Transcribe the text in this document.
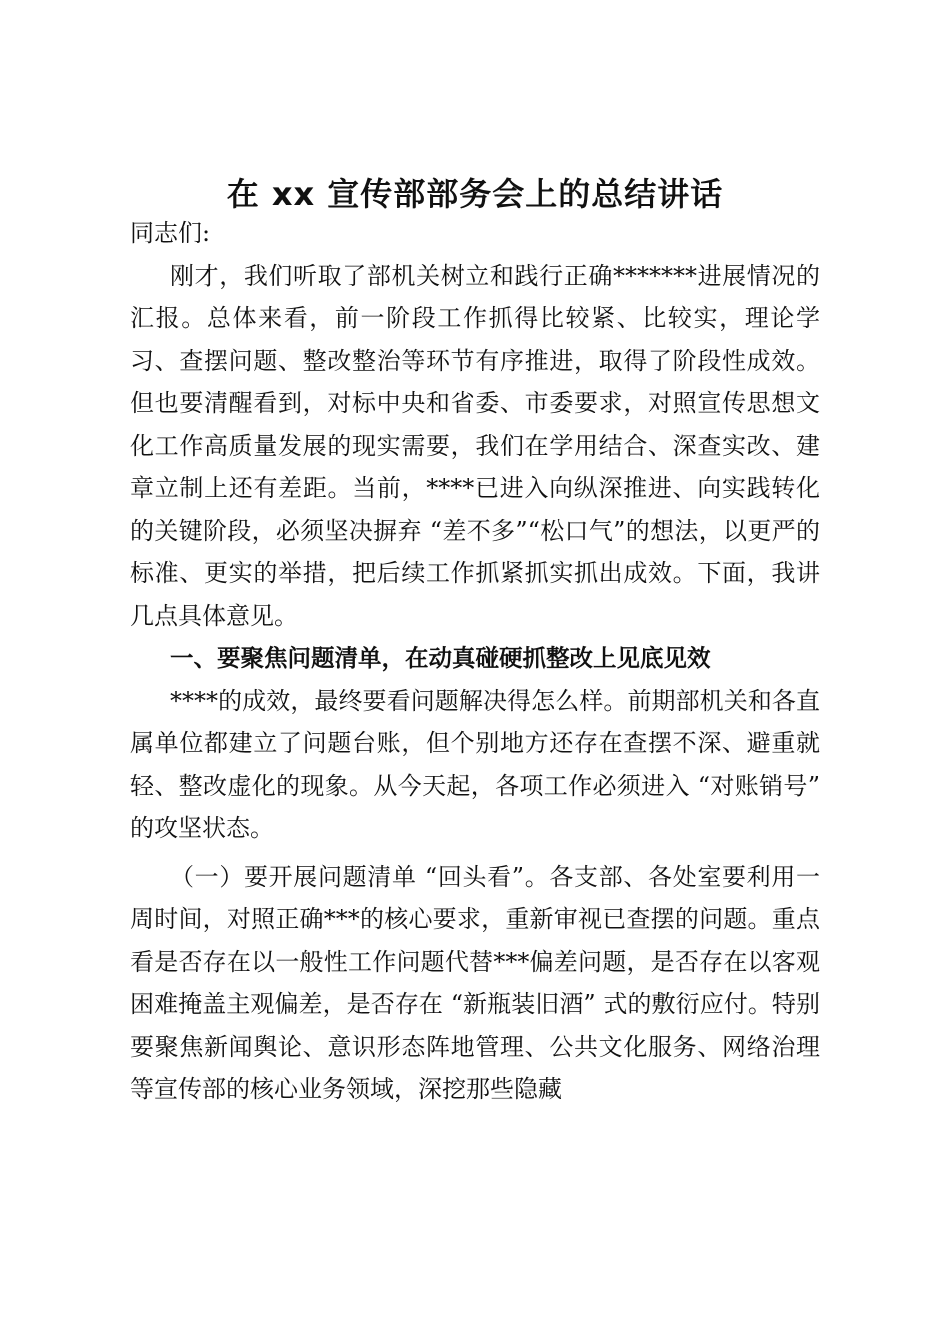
在 xx 宣传部部务会上的总结讲话

同志们:

刚才，我们听取了部机关树立和践行正确*******进展情况的汇报。总体来看，前一阶段工作抓得比较紧、比较实，理论学习、查摆问题、整改整治等环节有序推进，取得了阶段性成效。但也要清醒看到，对标中央和省委、市委要求，对照宣传思想文化工作高质量发展的现实需要，我们在学用结合、深查实改、建章立制上还有差距。当前，****已进入向纵深推进、向实践转化的关键阶段，必须坚决摒弃 “差不多”“松口气”的想法，以更严的标准、更实的举措，把后续工作抓紧抓实抓出成效。下面，我讲几点具体意见。

一、要聚焦问题清单，在动真碰硬抓整改上见底见效

****的成效，最终要看问题解决得怎么样。前期部机关和各直属单位都建立了问题台账，但个别地方还存在查摆不深、避重就轻、整改虚化的现象。从今天起，各项工作必须进入 “对账销号” 的攻坚状态。

（一）要开展问题清单 “回头看”。各支部、各处室要利用一周时间，对照正确***的核心要求，重新审视已查摆的问题。重点看是否存在以一般性工作问题代替***偏差问题，是否存在以客观困难掩盖主观偏差，是否存在 “新瓶装旧酒” 式的敷衍应付。特别要聚焦新闻舆论、意识形态阵地管理、公共文化服务、网络治理等宣传部的核心业务领域，深挖那些隐藏
